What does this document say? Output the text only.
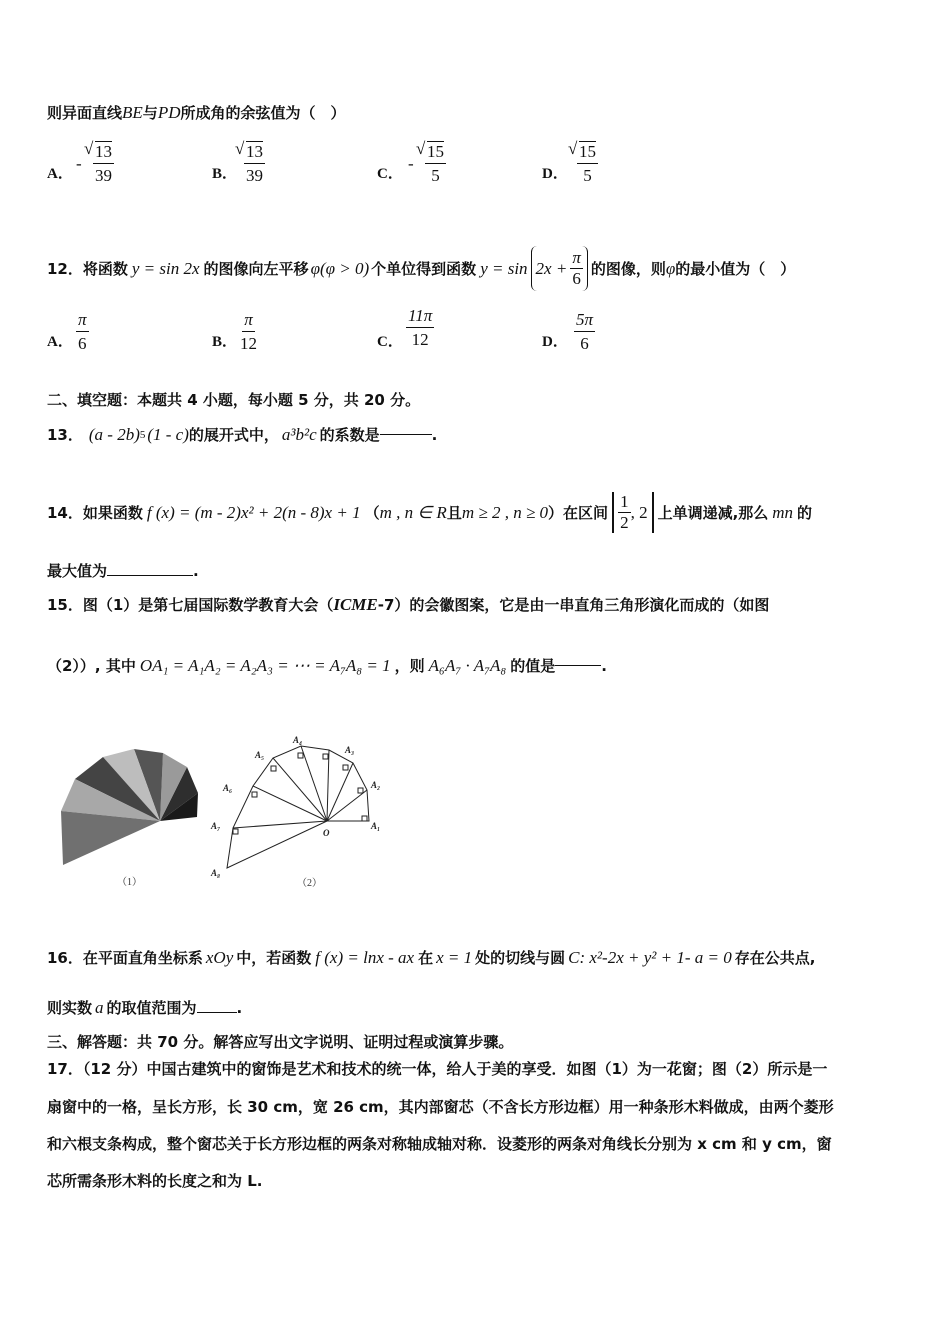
则异面直线BE与PD所成角的余弦值为（　）
A．
- √ $\frac{13}{39}$	B． √ $\frac{13}{39}$	C．
- √ $\frac{15}{5}$	D． √ $\frac{15}{5}$
12． 将函数 y = sin 2x 的图像向左平移 φ(φ > 0) 个单位得到函数 $y = \sin 2x + \frac{\pi}{6}$ 的图像，则 φ 的最小值为（　）
A． $\frac{\pi}{6}$	B． $\frac{\pi}{12}$	C． $\frac{11\pi}{12}$	D． $\frac{5\pi}{6}$
二、填空题：本题共 4 小题，每小题 5 分，共 20 分。
13． (a - 2b) 5 (1 - c) 的展开式中， a³b²c 的系数是	.
14． 如果函数 f (x) = (m - 2)x² + 2(n - 8)x + 1 （ m , n ∈ R 且 m ≥ 2 , n ≥ 0 ） 在区间
1
2
, 2 上单调递减,那么 mn 的
最大值为	.
15．图（1）是第七届国际数学教育大会（ICME-7）的会徽图案，它是由一串直角三角形演化而成的（如图
（2））, 其中 OA₁ = A₁A₂ = A₂A₃ = ⋯ = A₇A₈ = 1 ，则 A₆A₇ · A₇A₈ 的值是	.
（1）
A₁
A₂
A₃
A₄
A₅
A₆
A₇
A₈
O
（2）
16． 在平面直角坐标系 xOy 中，若函数 f (x) = lnx - ax 在 x = 1 处的切线与圆 C: x²-2x + y² + 1- a = 0 存在公共点,
则实数 a 的取值范围为	.
三、解答题：共 70 分。解答应写出文字说明、证明过程或演算步骤。
17．（12 分）中国古建筑中的窗饰是艺术和技术的统一体，给人于美的享受．如图（1）为一花窗；图（2）所示是一
扇窗中的一格，呈长方形，长 30 cm，宽 26 cm，其内部窗芯（不含长方形边框）用一种条形木料做成，由两个菱形
和六根支条构成，整个窗芯关于长方形边框的两条对称轴成轴对称．设菱形的两条对角线长分别为 x cm 和 y cm，窗
芯所需条形木料的长度之和为 L.
